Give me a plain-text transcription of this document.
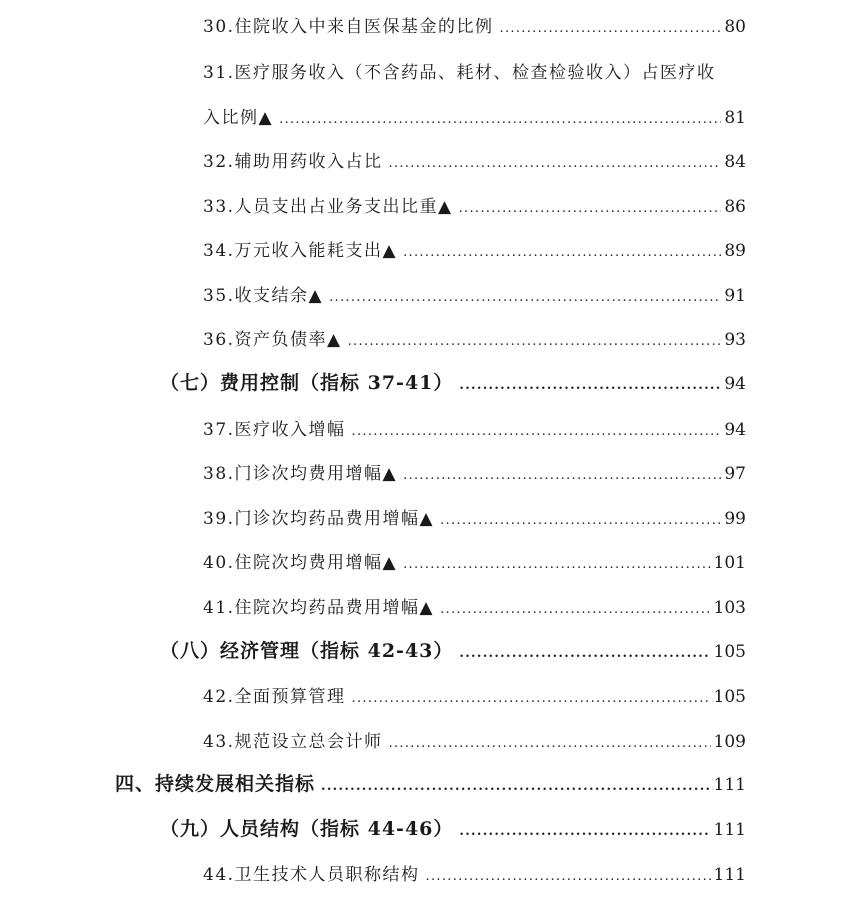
30.住院收入中来自医保基金的比例 .....	80
31.医疗服务收入（不含药品、耗材、检查检验收入）占医疗收
入比例▲ .....	81
32.辅助用药收入占比 .....	84
33.人员支出占业务支出比重▲ .....	86
34.万元收入能耗支出▲ .....	89
35.收支结余▲ .....	91
36.资产负债率▲ .....	93
（七）费用控制（指标 37-41） .....	94
37.医疗收入增幅 .....	94
38.门诊次均费用增幅▲ .....	97
39.门诊次均药品费用增幅▲ .....	99
40.住院次均费用增幅▲ .....	101
41.住院次均药品费用增幅▲ .....	103
（八）经济管理（指标 42-43） .....	105
42.全面预算管理 .....	105
43.规范设立总会计师 .....	109
四、持续发展相关指标 .....	111
（九）人员结构（指标 44-46） .....	111
44.卫生技术人员职称结构 .....	111
